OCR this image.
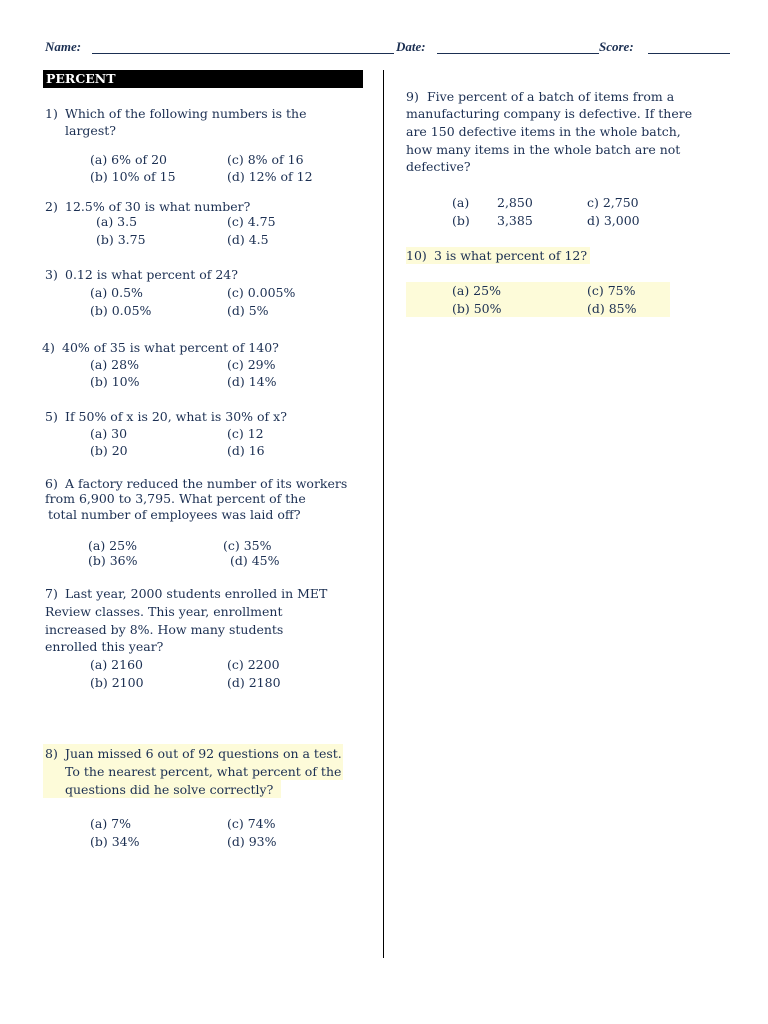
Name:	Date:	Score:
PERCENT
1) Which of the following numbers is the
largest?
(a) 6% of 20	(c) 8% of 16
(b) 10% of 15	(d) 12% of 12
2) 12.5% of 30 is what number?
(a) 3.5	(c) 4.75
(b) 3.75	(d) 4.5
3) 0.12 is what percent of 24?
(a) 0.5%	(c) 0.005%
(b) 0.05%	(d) 5%
4) 40% of 35 is what percent of 140?
(a) 28%	(c) 29%
(b) 10%	(d) 14%
5) If 50% of x is 20, what is 30% of x?
(a) 30	(c) 12
(b) 20	(d) 16
6) A factory reduced the number of its workers
from 6,900 to 3,795. What percent of the
total number of employees was laid off?
(a) 25%	(c) 35%
(b) 36%	(d) 45%
7) Last year, 2000 students enrolled in MET
Review classes. This year, enrollment
increased by 8%. How many students
enrolled this year?
(a) 2160	(c) 2200
(b) 2100	(d) 2180
8) Juan missed 6 out of 92 questions on a test.
To the nearest percent, what percent of the
questions did he solve correctly?
(a) 7%	(c) 74%
(b) 34%	(d) 93%
9) Five percent of a batch of items from a
manufacturing company is defective. If there
are 150 defective items in the whole batch,
how many items in the whole batch are not
defective?
(a) 2,850	c) 2,750
(b) 3,385	d) 3,000
10) 3 is what percent of 12?
(a) 25%	(c) 75%
(b) 50%	(d) 85%
